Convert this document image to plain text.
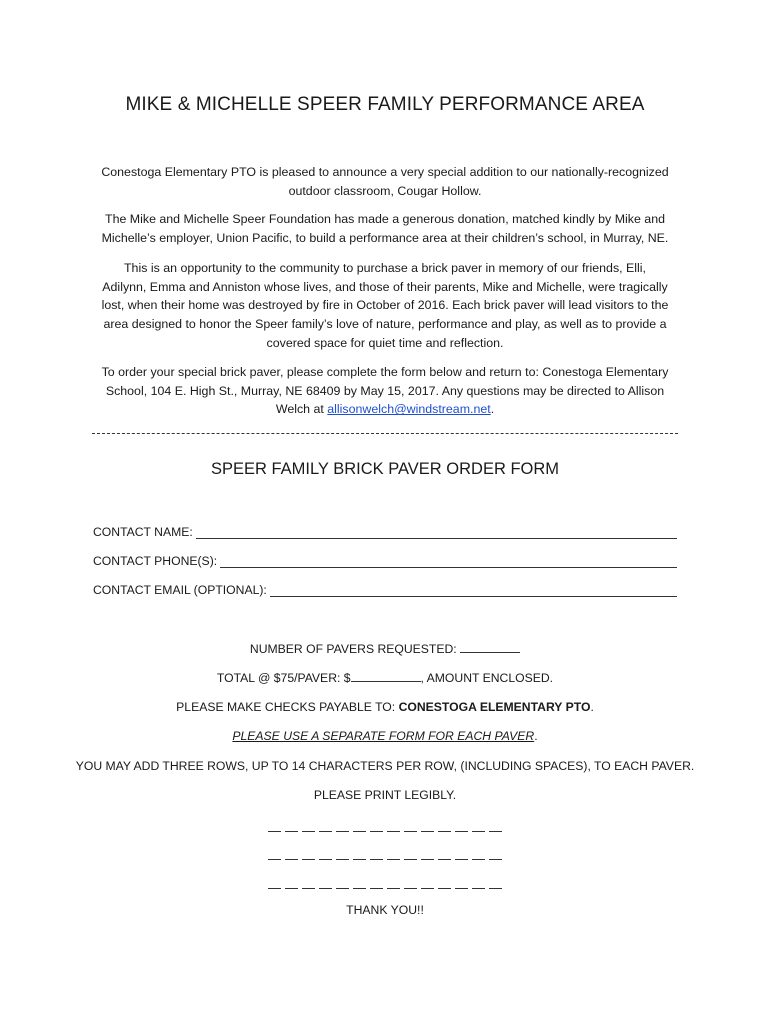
MIKE & MICHELLE SPEER FAMILY PERFORMANCE AREA
Conestoga Elementary PTO is pleased to announce a very special addition to our nationally-recognized
outdoor classroom, Cougar Hollow.
The Mike and Michelle Speer Foundation has made a generous donation, matched kindly by Mike and
Michelle’s employer, Union Pacific, to build a performance area at their children’s school, in Murray, NE.
This is an opportunity to the community to purchase a brick paver in memory of our friends, Elli,
Adilynn, Emma and Anniston whose lives, and those of their parents, Mike and Michelle, were tragically
lost, when their home was destroyed by fire in October of 2016. Each brick paver will lead visitors to the
area designed to honor the Speer family’s love of nature, performance and play, as well as to provide a
covered space for quiet time and reflection.
To order your special brick paver, please complete the form below and return to: Conestoga Elementary
School, 104 E. High St., Murray, NE 68409 by May 15, 2017. Any questions may be directed to Allison
Welch at allisonwelch@windstream.net.
SPEER FAMILY BRICK PAVER ORDER FORM
CONTACT NAME:
CONTACT PHONE(S):
CONTACT EMAIL (OPTIONAL):
NUMBER OF PAVERS REQUESTED:
TOTAL @ $75/PAVER: $	, AMOUNT ENCLOSED.
PLEASE MAKE CHECKS PAYABLE TO: CONESTOGA ELEMENTARY PTO.
PLEASE USE A SEPARATE FORM FOR EACH PAVER.
YOU MAY ADD THREE ROWS, UP TO 14 CHARACTERS PER ROW, (INCLUDING SPACES), TO EACH PAVER.
PLEASE PRINT LEGIBLY.
THANK YOU!!
